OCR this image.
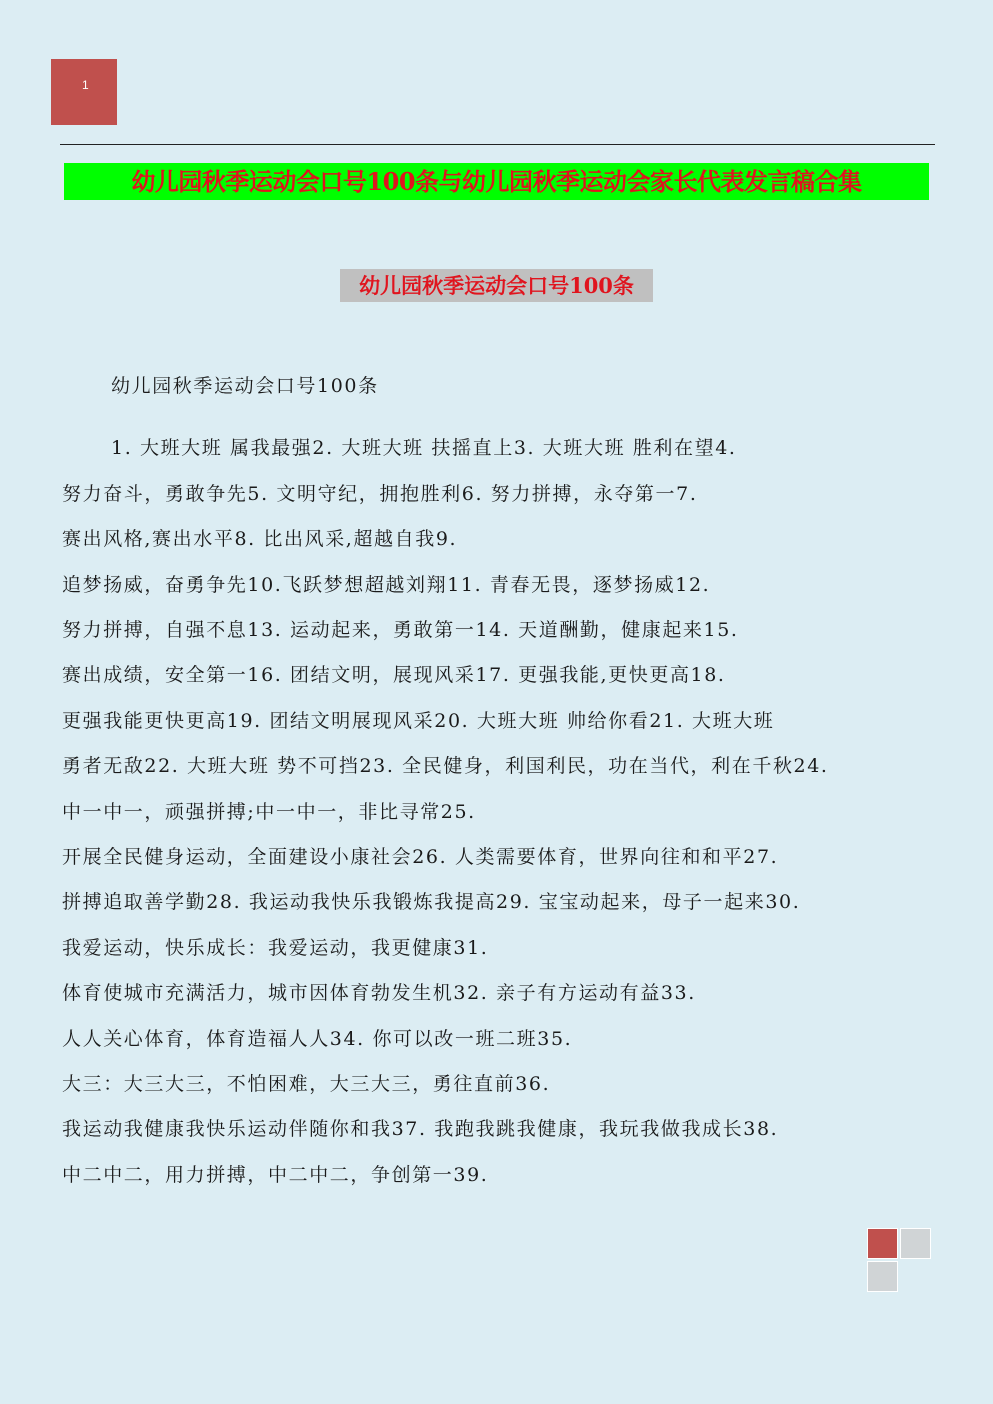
1
幼儿园秋季运动会口号100条与幼儿园秋季运动会家长代表发言稿合集
幼儿园秋季运动会口号100条
幼儿园秋季运动会口号100条
1. 大班大班 属我最强2. 大班大班 扶摇直上3. 大班大班 胜利在望4.
努力奋斗，勇敢争先5. 文明守纪，拥抱胜利6. 努力拼搏，永夺第一7.
赛出风格,赛出水平8. 比出风采,超越自我9.
追梦扬威，奋勇争先10.飞跃梦想超越刘翔11. 青春无畏，逐梦扬威12.
努力拼搏，自强不息13. 运动起来，勇敢第一14. 天道酬勤，健康起来15.
赛出成绩，安全第一16. 团结文明，展现风采17. 更强我能,更快更高18.
更强我能更快更高19. 团结文明展现风采20. 大班大班 帅给你看21. 大班大班
勇者无敌22. 大班大班 势不可挡23. 全民健身，利国利民，功在当代，利在千秋24.
中一中一，顽强拼搏;中一中一，非比寻常25.
开展全民健身运动，全面建设小康社会26. 人类需要体育，世界向往和和平27.
拼搏追取善学勤28. 我运动我快乐我锻炼我提高29. 宝宝动起来，母子一起来30.
我爱运动，快乐成长：我爱运动，我更健康31.
体育使城市充满活力，城市因体育勃发生机32. 亲子有方运动有益33.
人人关心体育，体育造福人人34. 你可以改一班二班35.
大三：大三大三，不怕困难，大三大三，勇往直前36.
我运动我健康我快乐运动伴随你和我37. 我跑我跳我健康，我玩我做我成长38.
中二中二，用力拼搏，中二中二，争创第一39.
